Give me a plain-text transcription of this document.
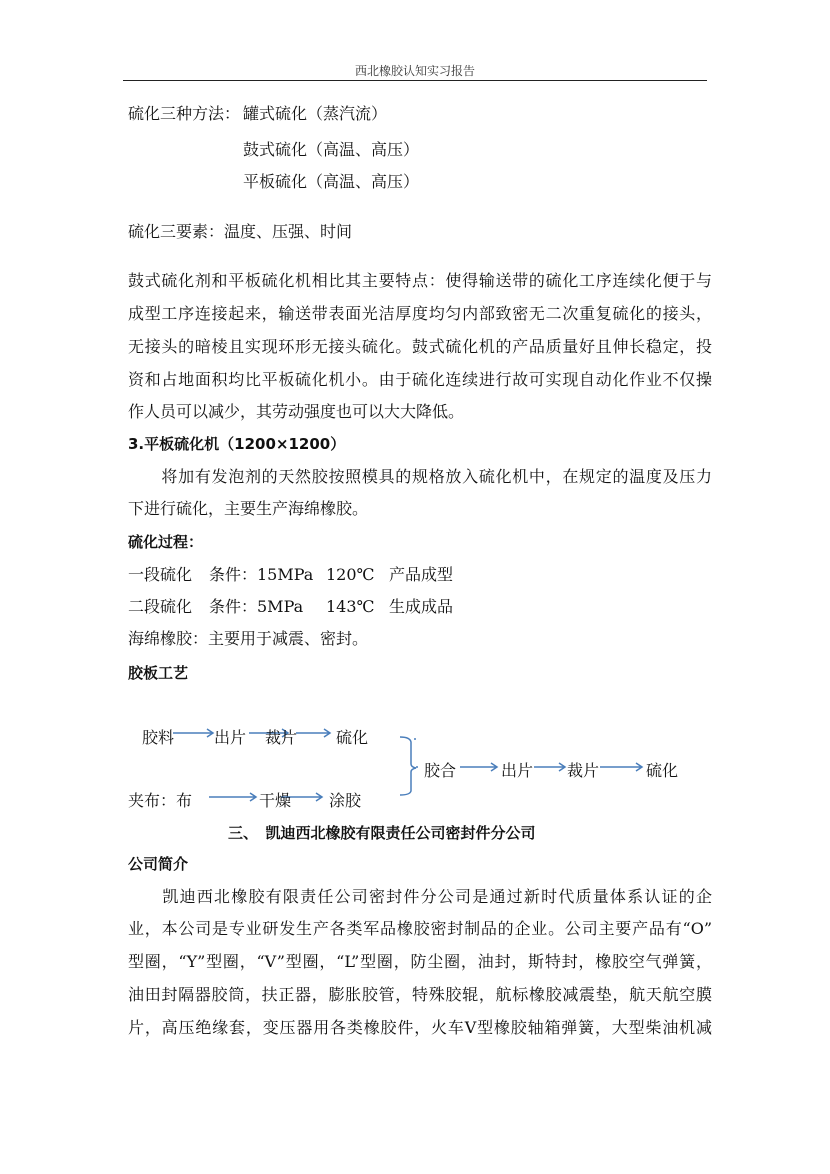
西北橡胶认知实习报告
硫化三种方法： 罐式硫化（蒸汽流）
鼓式硫化（高温、高压）
平板硫化（高温、高压）
硫化三要素：温度、压强、时间
鼓式硫化剂和平板硫化机相比其主要特点：使得输送带的硫化工序连续化便于与
成型工序连接起来，输送带表面光洁厚度均匀内部致密无二次重复硫化的接头，
无接头的暗棱且实现环形无接头硫化。鼓式硫化机的产品质量好且伸长稳定，投
资和占地面积均比平板硫化机小。由于硫化连续进行故可实现自动化作业不仅操
作人员可以减少，其劳动强度也可以大大降低。
3.平板硫化机（1200×1200）
　　将加有发泡剂的天然胶按照模具的规格放入硫化机中，在规定的温度及压力
下进行硫化，主要生产海绵橡胶。
硫化过程：
一段硫化 条件：15MPa 120℃ 产品成型
二段硫化 条件：5MPa 143℃ 生成成品
海绵橡胶：主要用于减震、密封。
胶板工艺
胶料 出片 裁片 硫化
夹布：布	干燥 涂胶
胶合	出片 裁片	硫化
三、　凯迪西北橡胶有限责任公司密封件分公司
公司简介
　　凯迪西北橡胶有限责任公司密封件分公司是通过新时代质量体系认证的企
业，本公司是专业研发生产各类军品橡胶密封制品的企业。公司主要产品有“O”
型圈，“Y”型圈，“V”型圈，“L”型圈，防尘圈，油封，斯特封，橡胶空气弹簧，
油田封隔器胶筒，扶正器，膨胀胶管，特殊胶辊，航标橡胶减震垫，航天航空膜
片，高压绝缘套，变压器用各类橡胶件，火车V型橡胶轴箱弹簧，大型柴油机减
